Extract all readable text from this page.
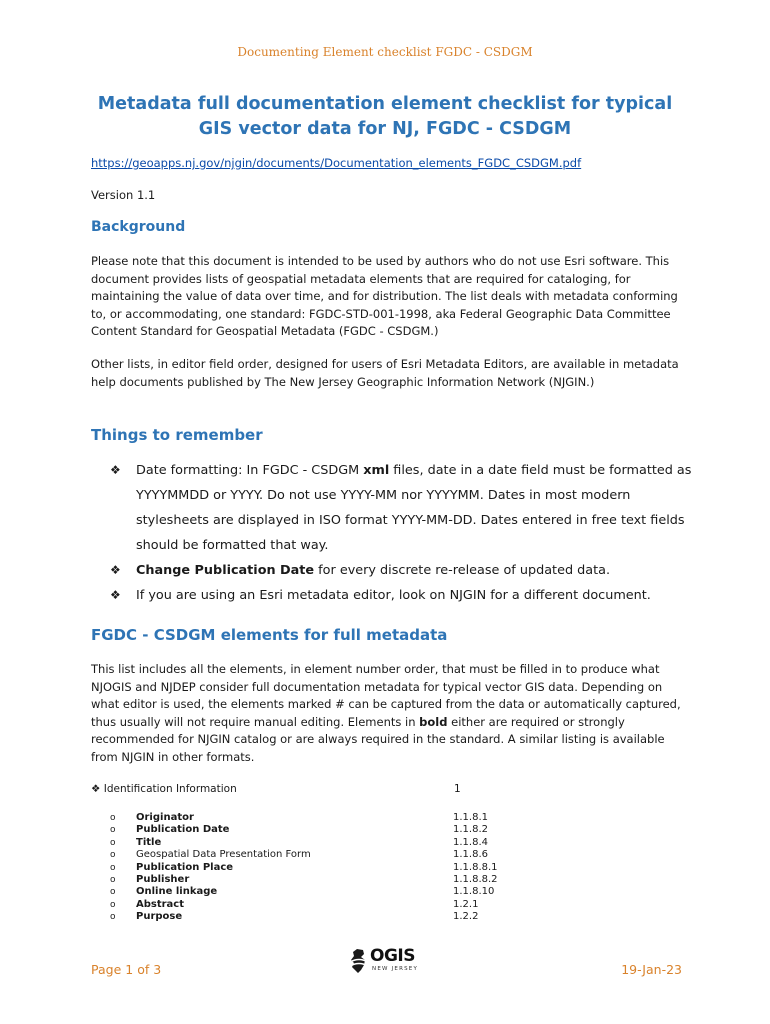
Documenting Element checklist FGDC - CSDGM
Metadata full documentation element checklist for typical GIS vector data for NJ, FGDC - CSDGM
https://geoapps.nj.gov/njgin/documents/Documentation_elements_FGDC_CSDGM.pdf
Version 1.1
Background

Please note that this document is intended to be used by authors who do not use Esri software. This document provides lists of geospatial metadata elements that are required for cataloging, for maintaining the value of data over time, and for distribution. The list deals with metadata conforming to, or accommodating, one standard: FGDC-STD-001-1998, aka Federal Geographic Data Committee Content Standard for Geospatial Metadata (FGDC - CSDGM.)

Other lists, in editor field order, designed for users of Esri Metadata Editors, are available in metadata help documents published by The New Jersey Geographic Information Network (NJGIN.)

Things to remember
❖ Date formatting: In FGDC - CSDGM xml files, date in a date field must be formatted as YYYYMMDD or YYYY. Do not use YYYY-MM nor YYYYMM. Dates in most modern stylesheets are displayed in ISO format YYYY-MM-DD. Dates entered in free text fields should be formatted that way.
❖ Change Publication Date for every discrete re-release of updated data.
❖ If you are using an Esri metadata editor, look on NJGIN for a different document.
FGDC - CSDGM elements for full metadata

This list includes all the elements, in element number order, that must be filled in to produce what NJOGIS and NJDEP consider full documentation metadata for typical vector GIS data. Depending on what editor is used, the elements marked # can be captured from the data or automatically captured, thus usually will not require manual editing. Elements in bold either are required or strongly recommended for NJGIN catalog or are always required in the standard. A similar listing is available from NJGIN in other formats.

❖ Identification Information	1
o Originator	1.1.8.1
o Publication Date	1.1.8.2
o Title	1.1.8.4
o Geospatial Data Presentation Form	1.1.8.6
o Publication Place	1.1.8.8.1
o Publisher	1.1.8.8.2
o Online linkage	1.1.8.10
o Abstract	1.2.1
o Purpose	1.2.2
Page 1 of 3
OGIS
NEW JERSEY	19-Jan-23
